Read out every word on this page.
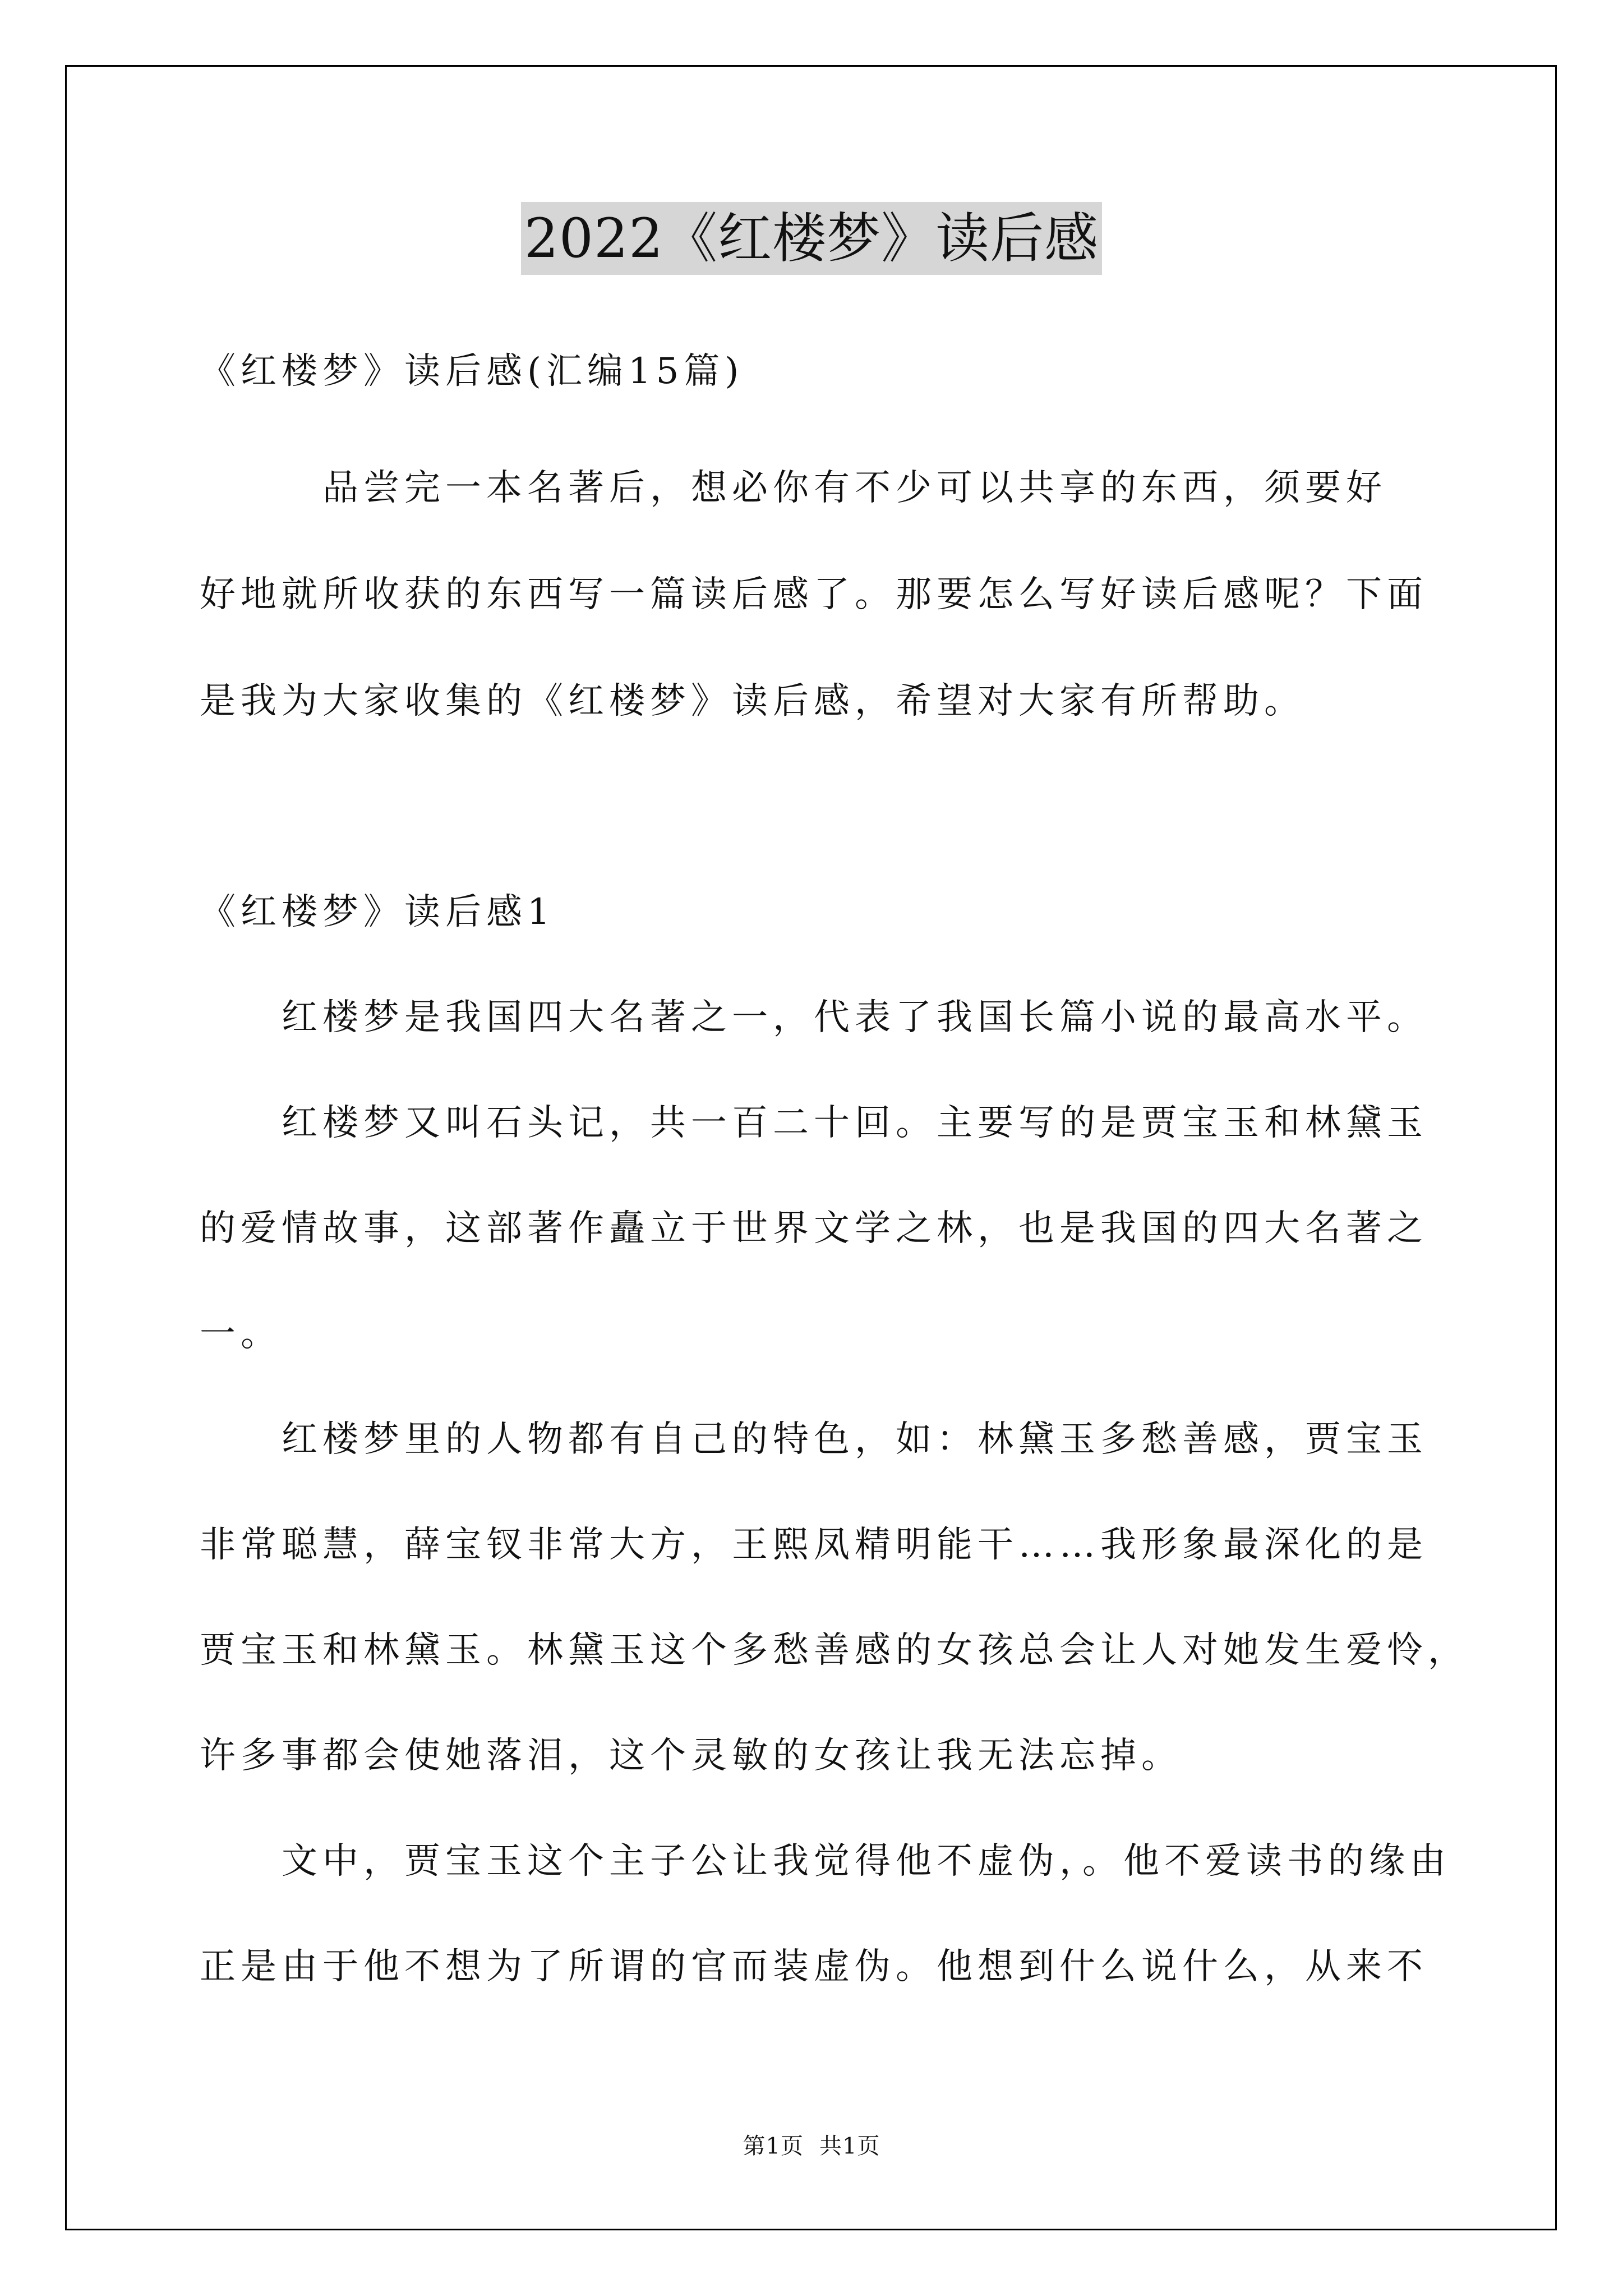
2022《红楼梦》读后感
《红楼梦》读后感(汇编15篇)
　　　品尝完一本名著后，想必你有不少可以共享的东西，须要好
好地就所收获的东西写一篇读后感了。那要怎么写好读后感呢？下面
是我为大家收集的《红楼梦》读后感，希望对大家有所帮助。
《红楼梦》读后感1
　　红楼梦是我国四大名著之一，代表了我国长篇小说的最高水平。
　　红楼梦又叫石头记，共一百二十回。主要写的是贾宝玉和林黛玉
的爱情故事，这部著作矗立于世界文学之林，也是我国的四大名著之
一。
　　红楼梦里的人物都有自己的特色，如：林黛玉多愁善感，贾宝玉
非常聪慧，薛宝钗非常大方，王熙凤精明能干……我形象最深化的是
贾宝玉和林黛玉。林黛玉这个多愁善感的女孩总会让人对她发生爱怜，
许多事都会使她落泪，这个灵敏的女孩让我无法忘掉。
　　文中，贾宝玉这个主子公让我觉得他不虚伪，。他不爱读书的缘由
正是由于他不想为了所谓的官而装虚伪。他想到什么说什么，从来不
第1页 共1页
